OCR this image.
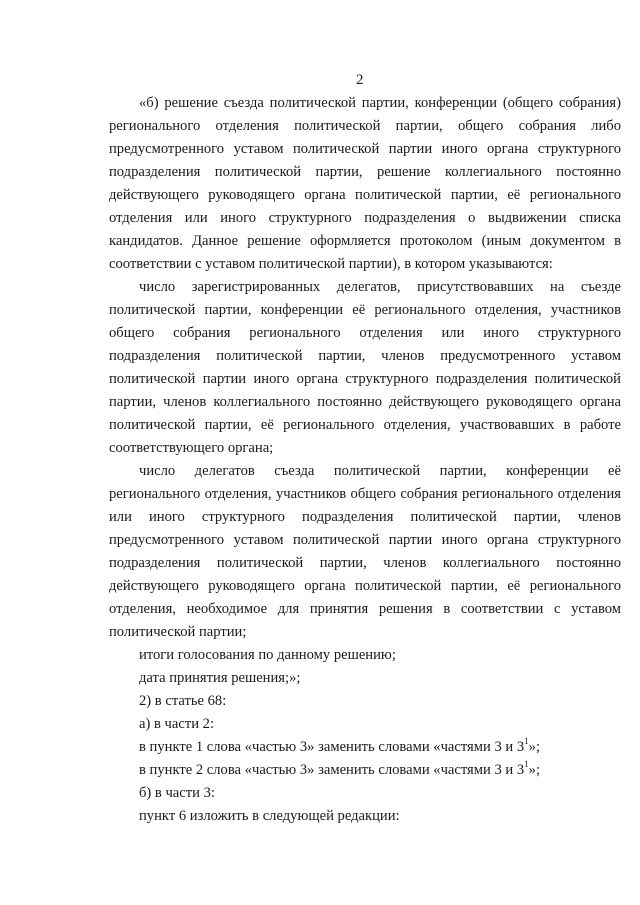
2

«б) решение съезда политической партии, конференции (общего собрания)

регионального отделения политической партии, общего собрания либо

предусмотренного уставом политической партии иного органа структурного

подразделения политической партии, решение коллегиального постоянно

действующего руководящего органа политической партии, её регионального

отделения или иного структурного подразделения о выдвижении списка

кандидатов. Данное решение оформляется протоколом (иным документом в

соответствии с уставом политической партии), в котором указываются:

число зарегистрированных делегатов, присутствовавших на съезде

политической партии, конференции её регионального отделения, участников

общего собрания регионального отделения или иного структурного

подразделения политической партии, членов предусмотренного уставом

политической партии иного органа структурного подразделения политической

партии, членов коллегиального постоянно действующего руководящего органа

политической партии, её регионального отделения, участвовавших в работе

соответствующего органа;

число делегатов съезда политической партии, конференции её

регионального отделения, участников общего собрания регионального отделения

или иного структурного подразделения политической партии, членов

предусмотренного уставом политической партии иного органа структурного

подразделения политической партии, членов коллегиального постоянно

действующего руководящего органа политической партии, её регионального

отделения, необходимое для принятия решения в соответствии с уставом

политической партии;

итоги голосования по данному решению;

дата принятия решения;»;

2) в статье 68:

а) в части 2:

в пункте 1 слова «частью 3» заменить словами «частями 3 и $3^1$»;

в пункте 2 слова «частью 3» заменить словами «частями 3 и $3^1$»;

б) в части 3:

пункт 6 изложить в следующей редакции:
